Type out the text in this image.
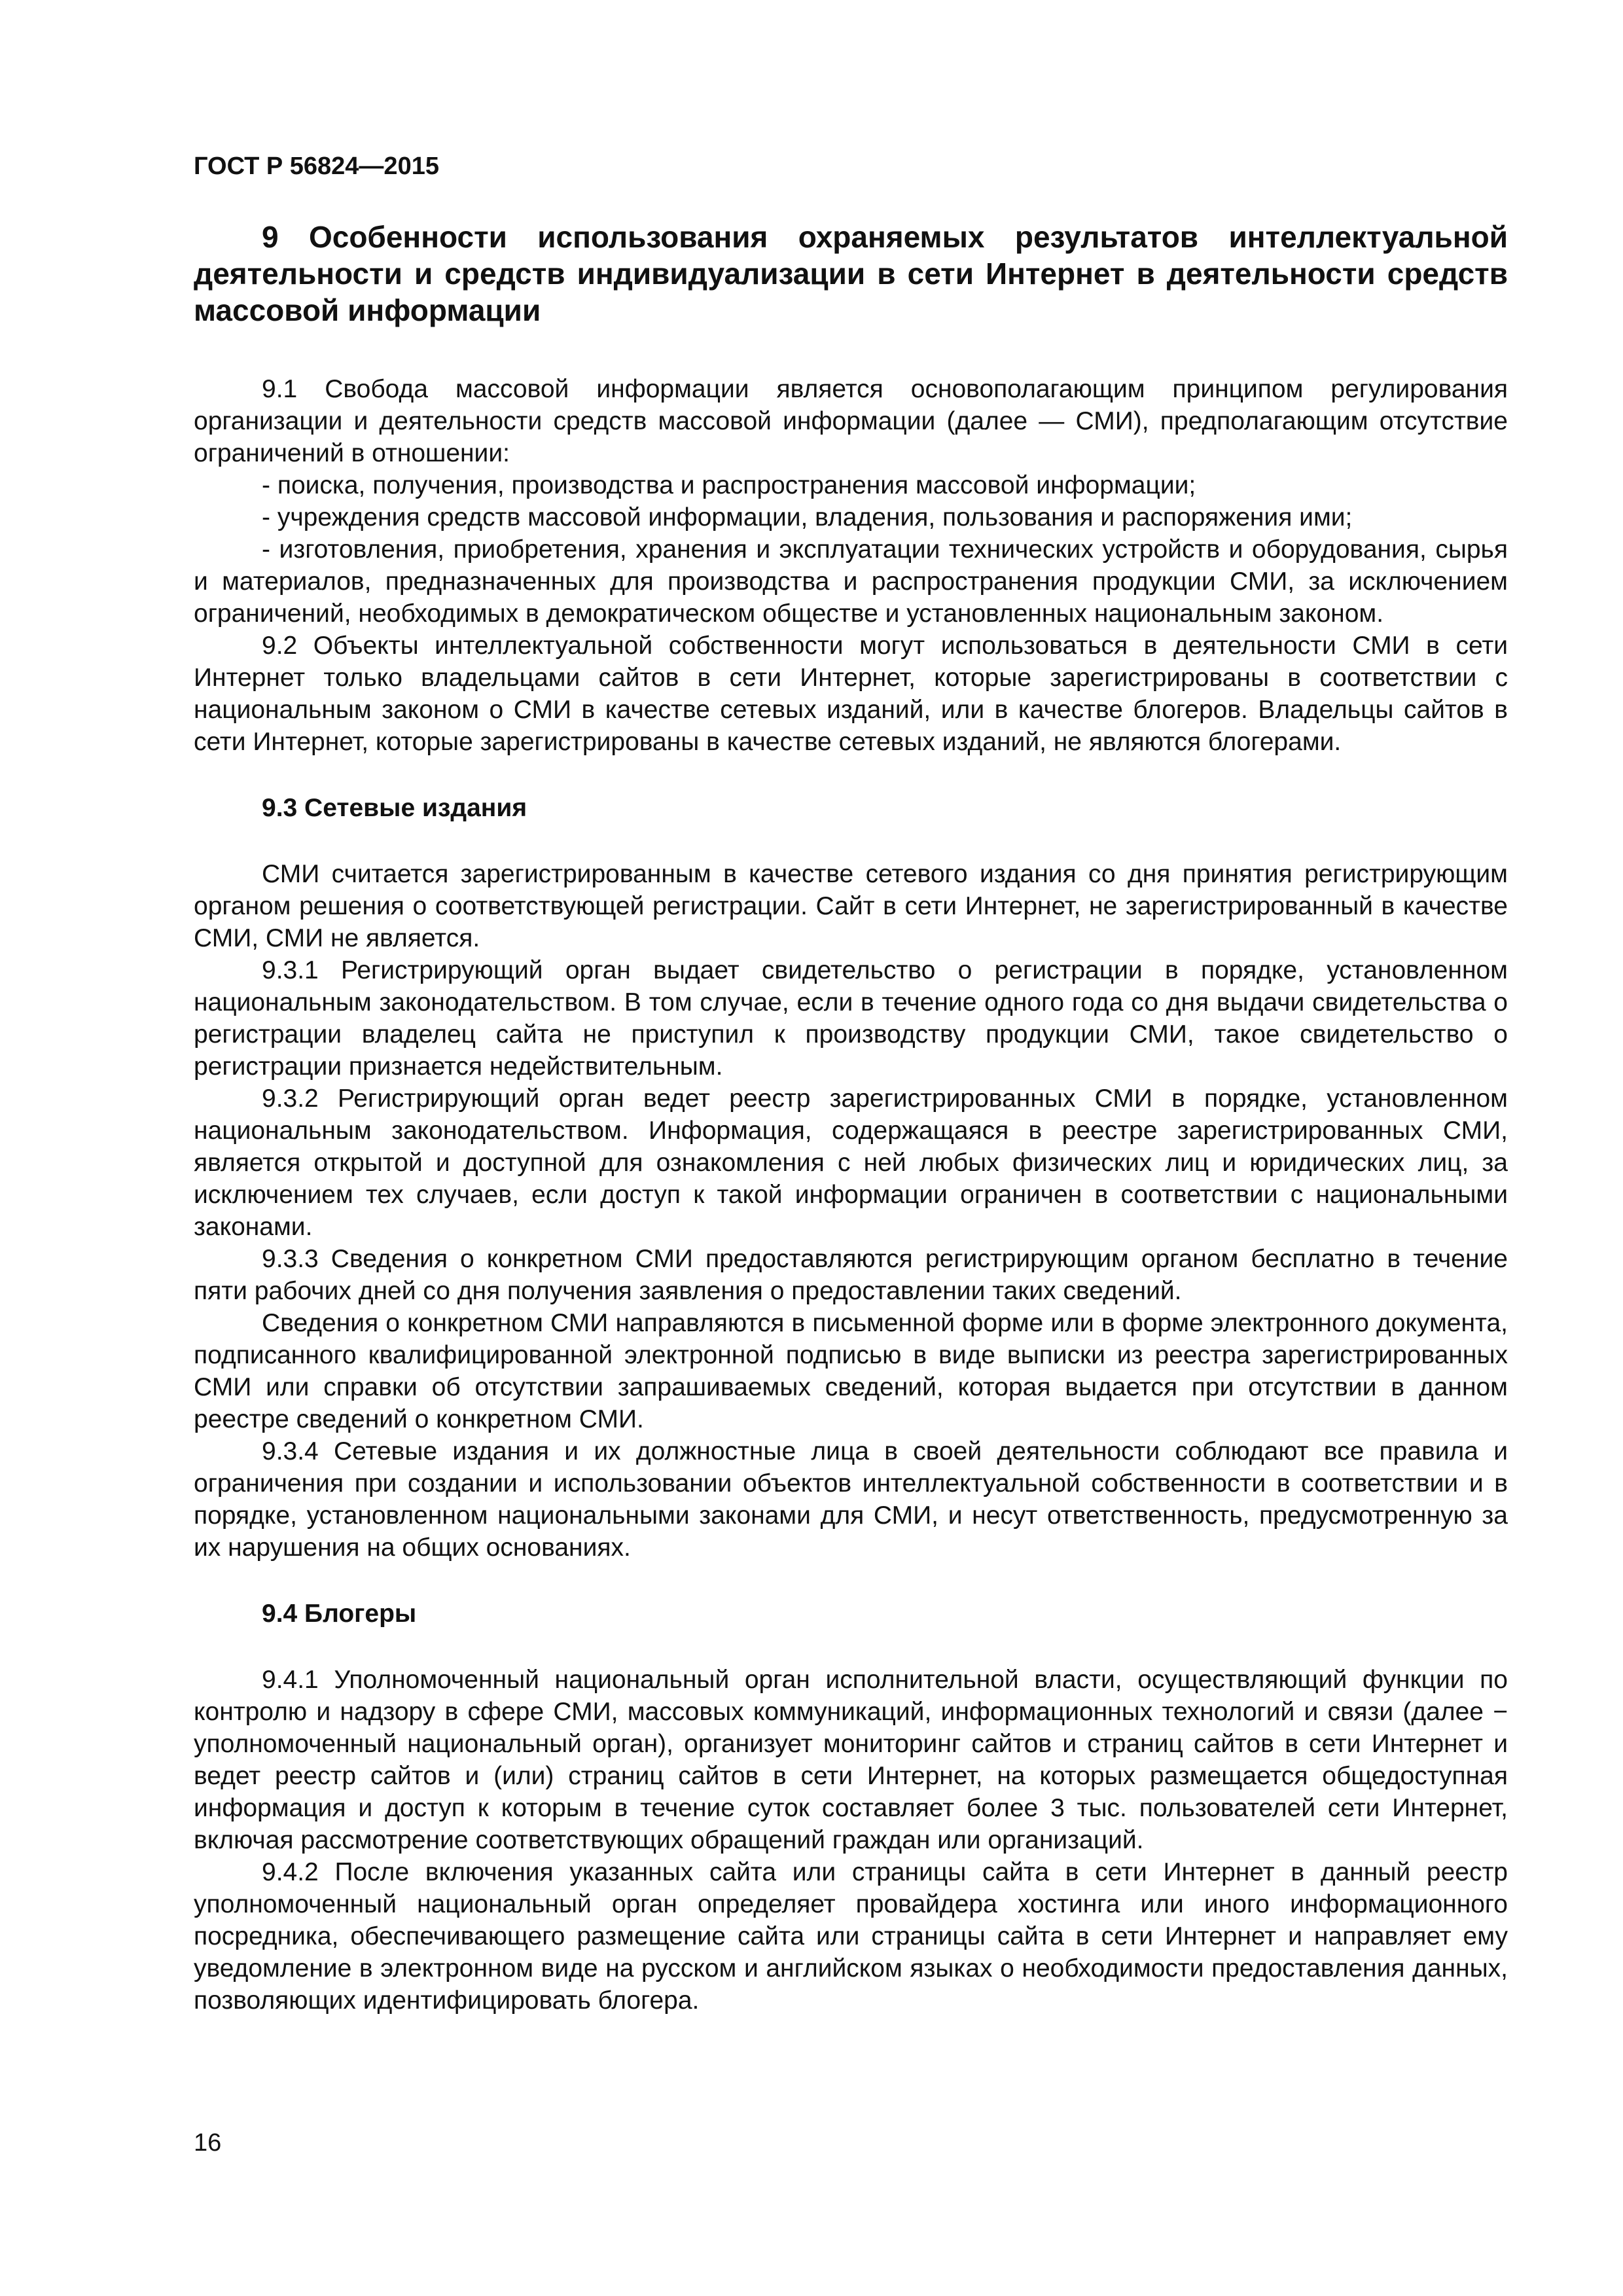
ГОСТ Р 56824—2015
9 Особенности использования охраняемых результатов интеллектуальной деятельности и средств индивидуализации в сети Интернет в деятельности средств массовой информации

9.1 Свобода массовой информации является основополагающим принципом регулирования организации и деятельности средств массовой информации (далее — СМИ), предполагающим отсутствие ограничений в отношении:

- поиска, получения, производства и распространения массовой информации;

- учреждения средств массовой информации, владения, пользования и распоряжения ими;

- изготовления, приобретения, хранения и эксплуатации технических устройств и оборудования, сырья и материалов, предназначенных для производства и распространения продукции СМИ, за исключением ограничений, необходимых в демократическом обществе и установленных национальным законом.

9.2 Объекты интеллектуальной собственности могут использоваться в деятельности СМИ в сети Интернет только владельцами сайтов в сети Интернет, которые зарегистрированы в соответствии с национальным законом о СМИ в качестве сетевых изданий, или в качестве блогеров. Владельцы сайтов в сети Интернет, которые зарегистрированы в качестве сетевых изданий, не являются блогерами.

9.3 Сетевые издания

СМИ считается зарегистрированным в качестве сетевого издания со дня принятия регистрирующим органом решения о соответствующей регистрации. Сайт в сети Интернет, не зарегистрированный в качестве СМИ, СМИ не является.

9.3.1 Регистрирующий орган выдает свидетельство о регистрации в порядке, установленном национальным законодательством. В том случае, если в течение одного года со дня выдачи свидетельства о регистрации владелец сайта не приступил к производству продукции СМИ, такое свидетельство о регистрации признается недействительным.

9.3.2 Регистрирующий орган ведет реестр зарегистрированных СМИ в порядке, установленном национальным законодательством. Информация, содержащаяся в реестре зарегистрированных СМИ, является открытой и доступной для ознакомления с ней любых физических лиц и юридических лиц, за исключением тех случаев, если доступ к такой информации ограничен в соответствии с национальными законами.

9.3.3 Сведения о конкретном СМИ предоставляются регистрирующим органом бесплатно в течение пяти рабочих дней со дня получения заявления о предоставлении таких сведений.

Сведения о конкретном СМИ направляются в письменной форме или в форме электронного документа, подписанного квалифицированной электронной подписью в виде выписки из реестра зарегистрированных СМИ или справки об отсутствии запрашиваемых сведений, которая выдается при отсутствии в данном реестре сведений о конкретном СМИ.

9.3.4 Сетевые издания и их должностные лица в своей деятельности соблюдают все правила и ограничения при создании и использовании объектов интеллектуальной собственности в соответствии и в порядке, установленном национальными законами для СМИ, и несут ответственность, предусмотренную за их нарушения на общих основаниях.

9.4 Блогеры

9.4.1 Уполномоченный национальный орган исполнительной власти, осуществляющий функции по контролю и надзору в сфере СМИ, массовых коммуникаций, информационных технологий и связи (далее − уполномоченный национальный орган), организует мониторинг сайтов и страниц сайтов в сети Интернет и ведет реестр сайтов и (или) страниц сайтов в сети Интернет, на которых размещается общедоступная информация и доступ к которым в течение суток составляет более 3 тыс. пользователей сети Интернет, включая рассмотрение соответствующих обращений граждан или организаций.

9.4.2 После включения указанных сайта или страницы сайта в сети Интернет в данный реестр уполномоченный национальный орган определяет провайдера хостинга или иного информационного посредника, обеспечивающего размещение сайта или страницы сайта в сети Интернет и направляет ему уведомление в электронном виде на русском и английском языках о необходимости предоставления данных, позволяющих идентифицировать блогера.

16
